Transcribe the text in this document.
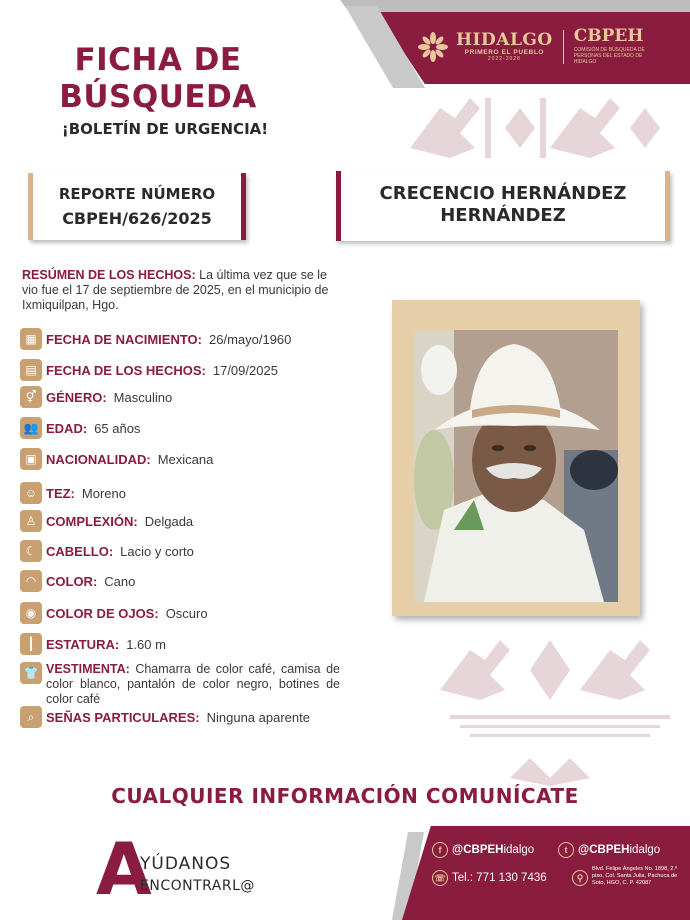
HIDALGO
PRIMERO EL PUEBLO
2022-2028
CBPEH
COMISIÓN DE BÚSQUEDA DE PERSONAS DEL ESTADO DE HIDALGO
FICHA DE
BÚSQUEDA
¡BOLETÍN DE URGENCIA!
REPORTE NÚMERO
CBPEH/626/2025
CRECENCIO HERNÁNDEZ
HERNÁNDEZ
RESÚMEN DE LOS HECHOS: La última vez que se le vio fue el 17 de septiembre de 2025, en el municipio de Ixmiquilpan, Hgo.
▦ FECHA DE NACIMIENTO: 26/mayo/1960
▤ FECHA DE LOS HECHOS: 17/09/2025
⚥ GÉNERO: Masculino
👥 EDAD: 65 años
▣ NACIONALIDAD: Mexicana
☺ TEZ: Moreno
♙ COMPLEXIÓN: Delgada
☾ CABELLO: Lacio y corto
◠ COLOR: Cano
◉ COLOR DE OJOS: Oscuro
┃ ESTATURA: 1.60 m
👕 VESTIMENTA: Chamarra de color café, camisa de color blanco, pantalón de color negro, botines de color café
⌕ SEÑAS PARTICULARES: Ninguna aparente
CUALQUIER INFORMACIÓN COMUNÍCATE
A
YÚDANOS
ENCONTRARL@
f @CBPEHidalgo	t @CBPEHidalgo
☏ Tel.: 771 130 7436	⚲
Blvd. Felipe Ángeles No. 1898, 2.º piso, Col. Santa Julia, Pachuca de Soto, HGO, C. P. 42087
